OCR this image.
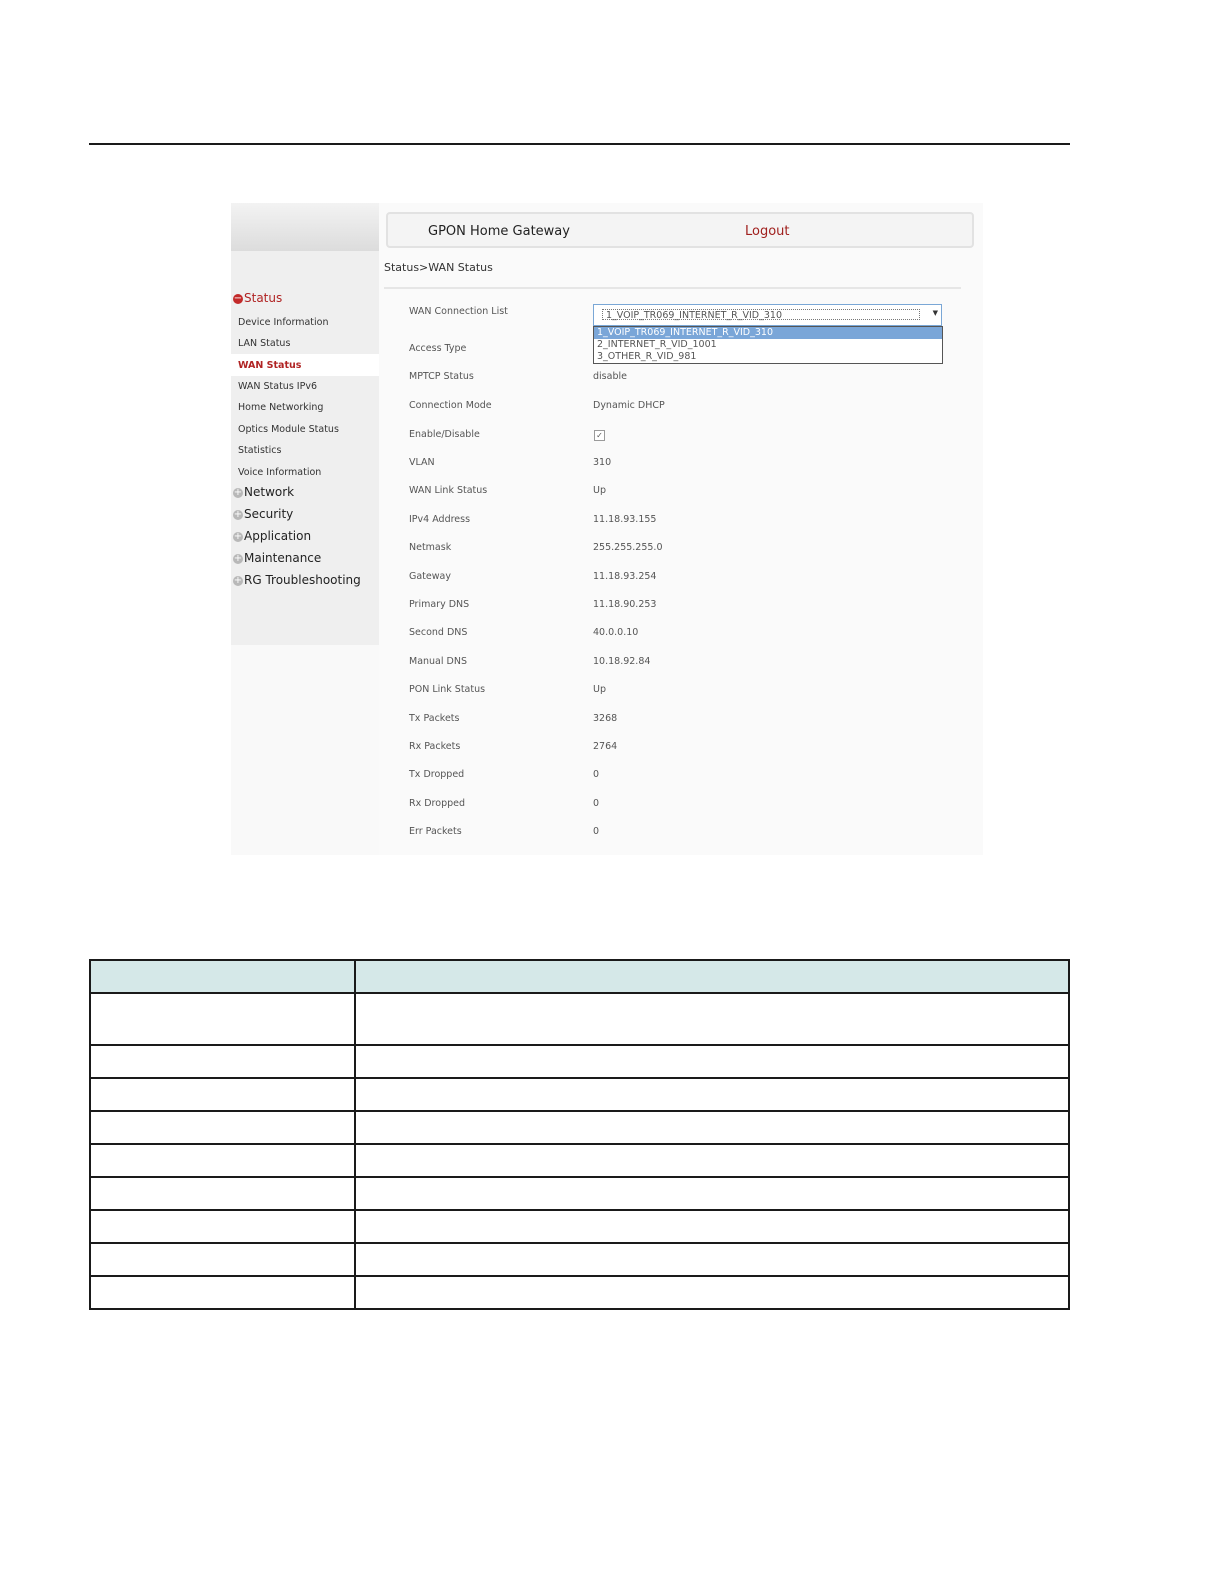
GPON Home Gateway	Logout
Status>WAN Status
− Status
Device Information
LAN Status
WAN Status
WAN Status IPv6
Home Networking
Optics Module Status
Statistics
Voice Information
+ Network
+ Security
+ Application
+ Maintenance
+ RG Troubleshooting
WAN Connection List	1_VOIP_TR069_INTERNET_R_VID_310	▼
1_VOIP_TR069_INTERNET_R_VID_310
2_INTERNET_R_VID_1001
3_OTHER_R_VID_981
Access Type
MPTCP Status	disable
Connection Mode	Dynamic DHCP
Enable/Disable	✓
VLAN	310
WAN Link Status	Up
IPv4 Address	11.18.93.155
Netmask	255.255.255.0
Gateway	11.18.93.254
Primary DNS	11.18.90.253
Second DNS	40.0.0.10
Manual DNS	10.18.92.84
PON Link Status	Up
Tx Packets	3268
Rx Packets	2764
Tx Dropped	0
Rx Dropped	0
Err Packets	0
